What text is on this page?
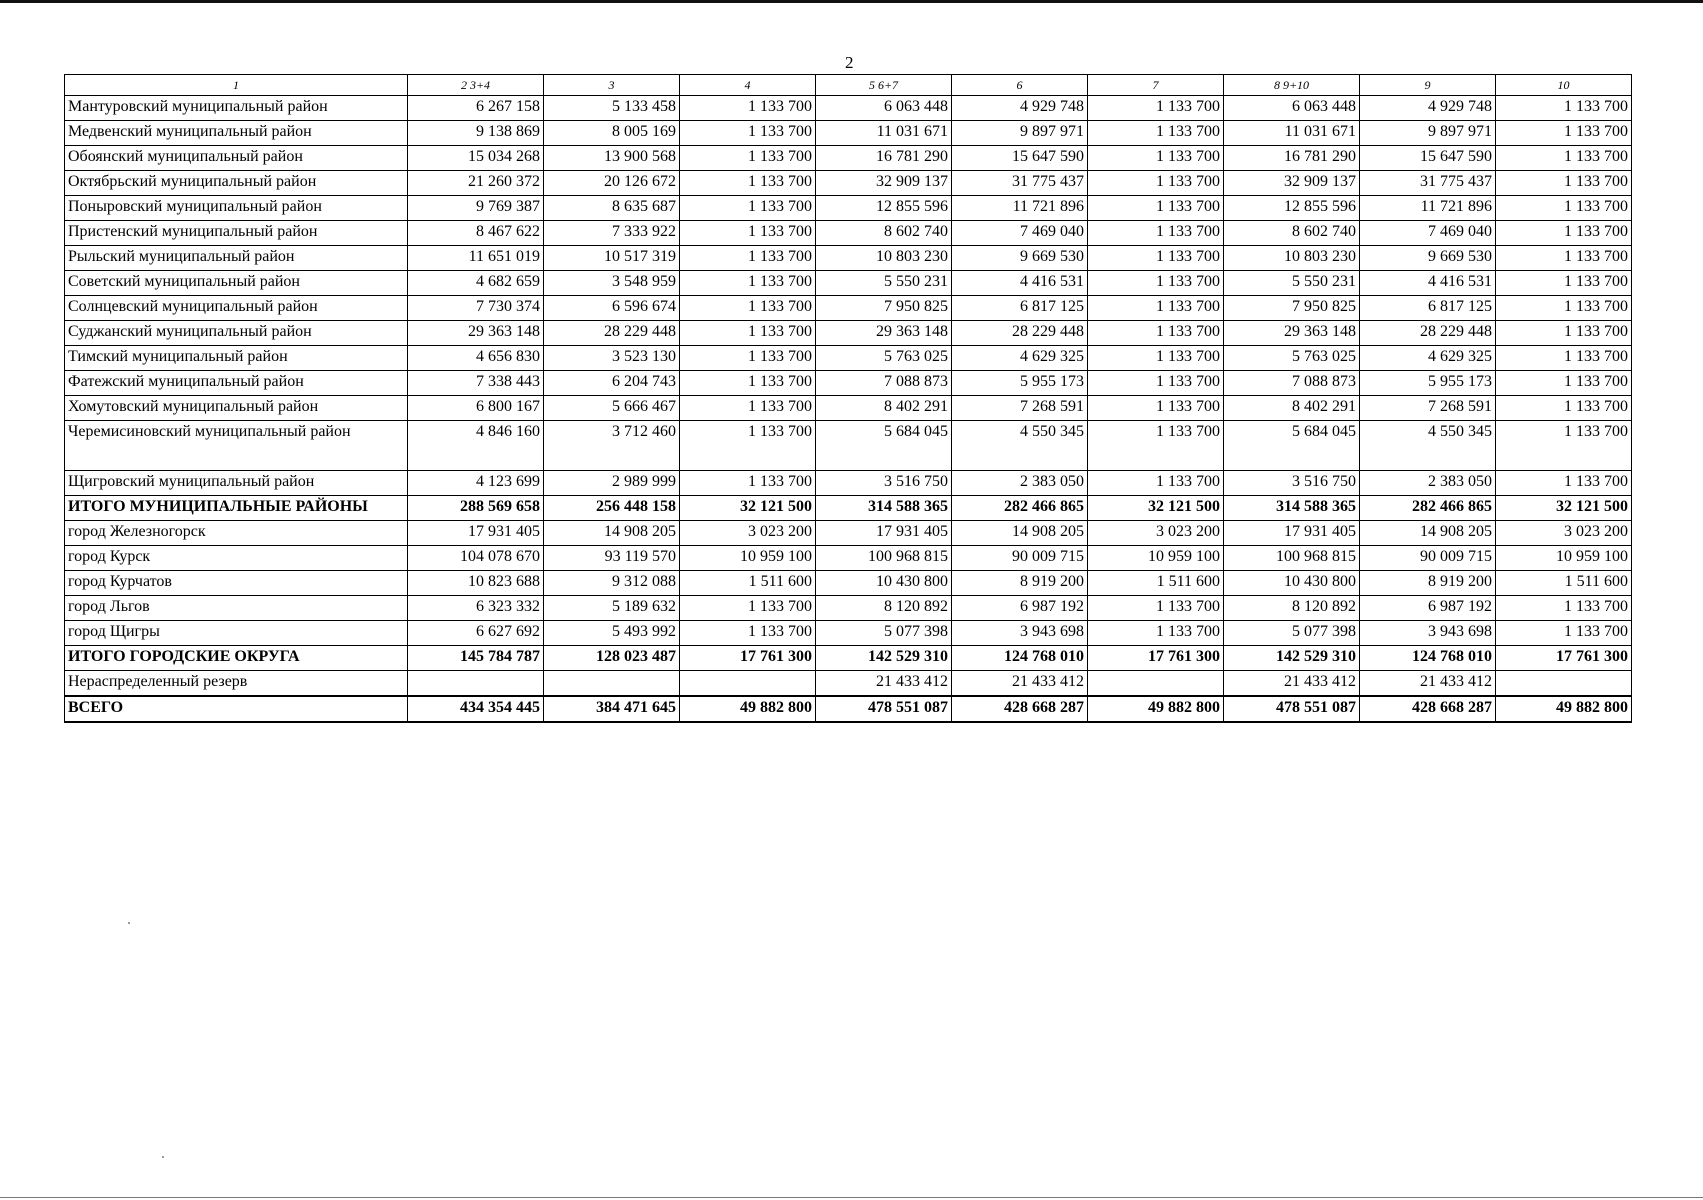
2
1	2 3+4	3	4	5 6+7	6	7	8 9+10	9	10
Мантуровский муниципальный район	6 267 158	5 133 458	1 133 700	6 063 448	4 929 748	1 133 700	6 063 448	4 929 748	1 133 700
Медвенский муниципальный район	9 138 869	8 005 169	1 133 700	11 031 671	9 897 971	1 133 700	11 031 671	9 897 971	1 133 700
Обоянский муниципальный район	15 034 268	13 900 568	1 133 700	16 781 290	15 647 590	1 133 700	16 781 290	15 647 590	1 133 700
Октябрьский муниципальный район	21 260 372	20 126 672	1 133 700	32 909 137	31 775 437	1 133 700	32 909 137	31 775 437	1 133 700
Поныровский муниципальный район	9 769 387	8 635 687	1 133 700	12 855 596	11 721 896	1 133 700	12 855 596	11 721 896	1 133 700
Пристенский муниципальный район	8 467 622	7 333 922	1 133 700	8 602 740	7 469 040	1 133 700	8 602 740	7 469 040	1 133 700
Рыльский муниципальный район	11 651 019	10 517 319	1 133 700	10 803 230	9 669 530	1 133 700	10 803 230	9 669 530	1 133 700
Советский муниципальный район	4 682 659	3 548 959	1 133 700	5 550 231	4 416 531	1 133 700	5 550 231	4 416 531	1 133 700
Солнцевский муниципальный район	7 730 374	6 596 674	1 133 700	7 950 825	6 817 125	1 133 700	7 950 825	6 817 125	1 133 700
Суджанский муниципальный район	29 363 148	28 229 448	1 133 700	29 363 148	28 229 448	1 133 700	29 363 148	28 229 448	1 133 700
Тимский муниципальный район	4 656 830	3 523 130	1 133 700	5 763 025	4 629 325	1 133 700	5 763 025	4 629 325	1 133 700
Фатежский муниципальный район	7 338 443	6 204 743	1 133 700	7 088 873	5 955 173	1 133 700	7 088 873	5 955 173	1 133 700
Хомутовский муниципальный район	6 800 167	5 666 467	1 133 700	8 402 291	7 268 591	1 133 700	8 402 291	7 268 591	1 133 700
Черемисиновский муниципальный район	4 846 160	3 712 460	1 133 700	5 684 045	4 550 345	1 133 700	5 684 045	4 550 345	1 133 700
Щигровский муниципальный район	4 123 699	2 989 999	1 133 700	3 516 750	2 383 050	1 133 700	3 516 750	2 383 050	1 133 700
ИТОГО МУНИЦИПАЛЬНЫЕ РАЙОНЫ	288 569 658	256 448 158	32 121 500	314 588 365	282 466 865	32 121 500	314 588 365	282 466 865	32 121 500
город Железногорск	17 931 405	14 908 205	3 023 200	17 931 405	14 908 205	3 023 200	17 931 405	14 908 205	3 023 200
город Курск	104 078 670	93 119 570	10 959 100	100 968 815	90 009 715	10 959 100	100 968 815	90 009 715	10 959 100
город Курчатов	10 823 688	9 312 088	1 511 600	10 430 800	8 919 200	1 511 600	10 430 800	8 919 200	1 511 600
город Льгов	6 323 332	5 189 632	1 133 700	8 120 892	6 987 192	1 133 700	8 120 892	6 987 192	1 133 700
город Щигры	6 627 692	5 493 992	1 133 700	5 077 398	3 943 698	1 133 700	5 077 398	3 943 698	1 133 700
ИТОГО ГОРОДСКИЕ ОКРУГА	145 784 787	128 023 487	17 761 300	142 529 310	124 768 010	17 761 300	142 529 310	124 768 010	17 761 300
Нераспределенный резерв				21 433 412	21 433 412		21 433 412	21 433 412	
ВСЕГО	434 354 445	384 471 645	49 882 800	478 551 087	428 668 287	49 882 800	478 551 087	428 668 287	49 882 800
